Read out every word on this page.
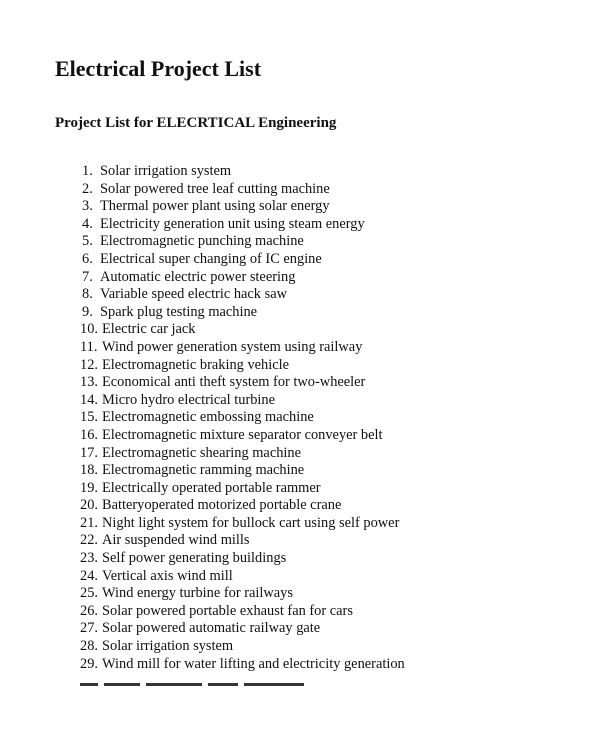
Electrical Project List
Project List for ELECRTICAL Engineering
1. Solar irrigation system
2. Solar powered tree leaf cutting machine
3. Thermal power plant using solar energy
4. Electricity generation unit using steam energy
5. Electromagnetic punching machine
6. Electrical super changing of IC engine
7. Automatic electric power steering
8. Variable speed electric hack saw
9. Spark plug testing machine
10. Electric car jack
11. Wind power generation system using railway
12. Electromagnetic braking vehicle
13. Economical anti theft system for two-wheeler
14. Micro hydro electrical turbine
15. Electromagnetic embossing machine
16. Electromagnetic mixture separator conveyer belt
17. Electromagnetic shearing machine
18. Electromagnetic ramming machine
19. Electrically operated portable rammer
20. Batteryoperated motorized portable crane
21. Night light system for bullock cart using self power
22. Air suspended wind mills
23. Self power generating buildings
24. Vertical axis wind mill
25. Wind energy turbine for railways
26. Solar powered portable exhaust fan for cars
27. Solar powered automatic railway gate
28. Solar irrigation system
29. Wind mill for water lifting and electricity generation
